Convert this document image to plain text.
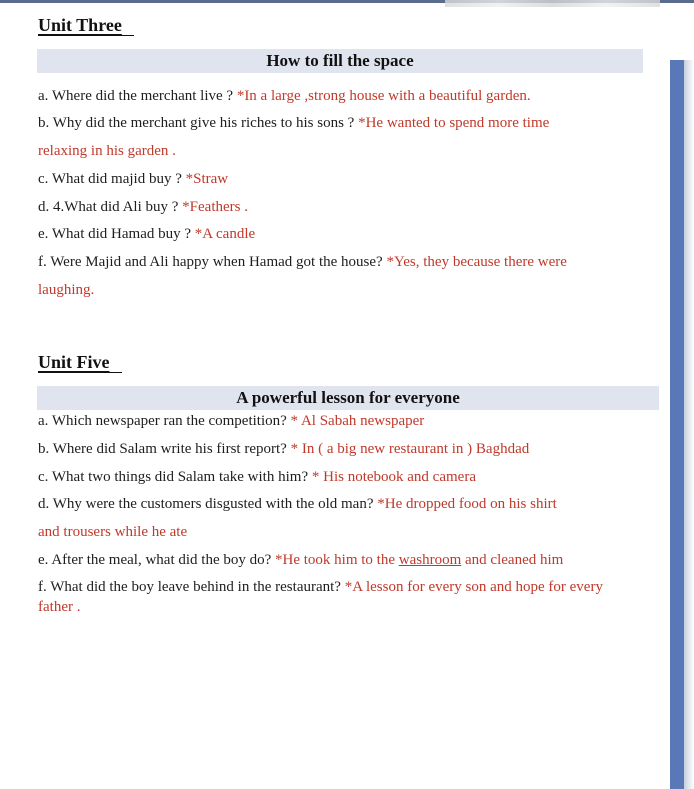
Unit Three
How to fill the space
a. Where did the merchant live ? *In a large ,strong house with a beautiful garden.
b. Why did the merchant give his riches to his sons ? *He wanted to spend more time
relaxing in his garden .
c. What did majid buy ? *Straw
d. 4.What did Ali buy ? *Feathers .
e. What did Hamad buy ? *A candle
f. Were Majid and Ali happy when Hamad got the house? *Yes, they because there were
laughing.
Unit Five
A powerful lesson for everyone
a. Which newspaper ran the competition? * Al Sabah newspaper
b. Where did Salam write his first report? * In ( a big new restaurant in ) Baghdad
c. What two things did Salam take with him? * His notebook and camera
d. Why were the customers disgusted with the old man? *He dropped food on his shirt
and trousers while he ate
e. After the meal, what did the boy do? *He took him to the washroom and cleaned him
f. What did the boy leave behind in the restaurant? *A lesson for every son and hope for every
father .
